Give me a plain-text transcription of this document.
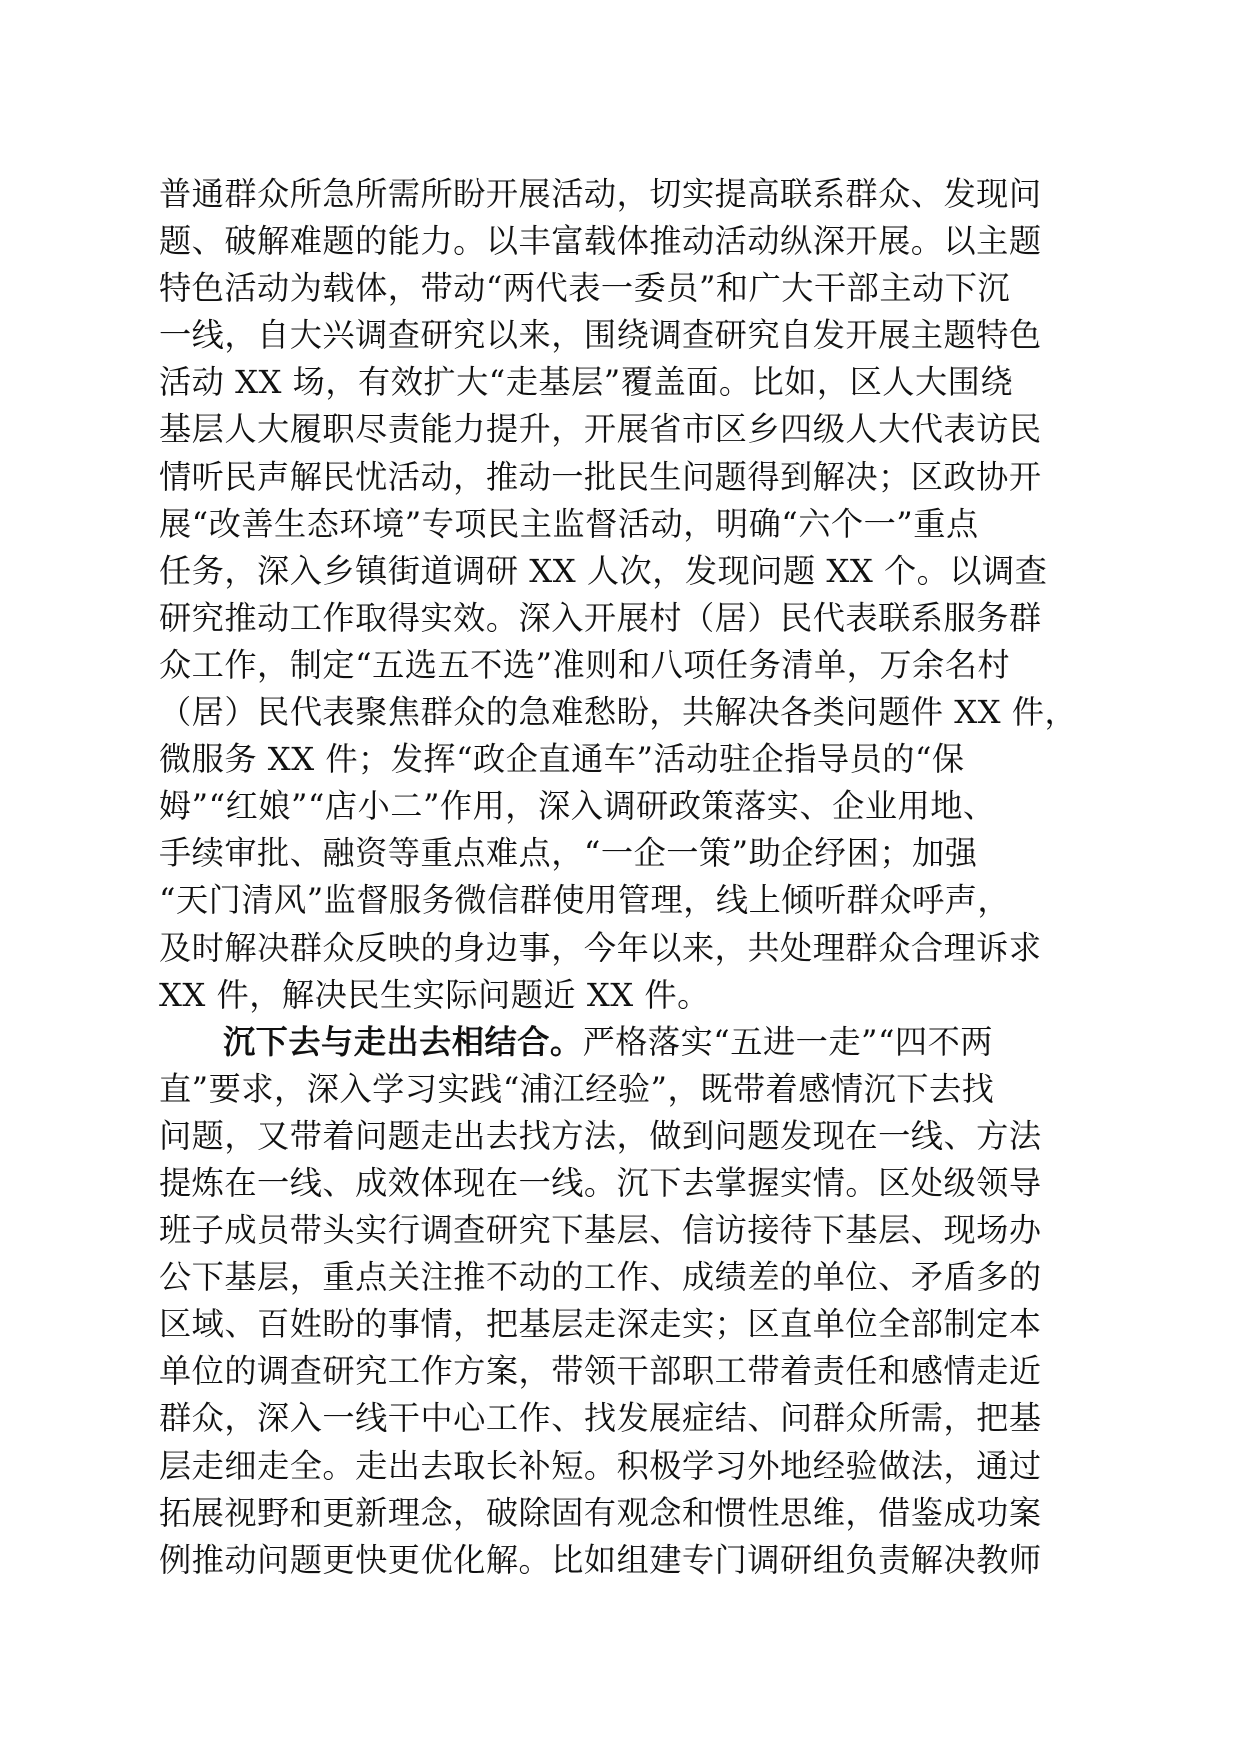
普通群众所急所需所盼开展活动，切实提高联系群众、发现问
题、破解难题的能力。以丰富载体推动活动纵深开展。以主题
特色活动为载体，带动“两代表一委员”和广大干部主动下沉
一线，自大兴调查研究以来，围绕调查研究自发开展主题特色
活动 XX 场，有效扩大“走基层”覆盖面。比如，区人大围绕
基层人大履职尽责能力提升，开展省市区乡四级人大代表访民
情听民声解民忧活动，推动一批民生问题得到解决；区政协开
展“改善生态环境”专项民主监督活动，明确“六个一”重点
任务，深入乡镇街道调研 XX 人次，发现问题 XX 个。以调查
研究推动工作取得实效。深入开展村（居）民代表联系服务群
众工作，制定“五选五不选”准则和八项任务清单，万余名村
（居）民代表聚焦群众的急难愁盼，共解决各类问题件 XX 件，
微服务 XX 件；发挥“政企直通车”活动驻企指导员的“保
姆”“红娘”“店小二”作用，深入调研政策落实、企业用地、
手续审批、融资等重点难点，“一企一策”助企纾困；加强
“天门清风”监督服务微信群使用管理，线上倾听群众呼声，
及时解决群众反映的身边事，今年以来，共处理群众合理诉求
XX 件，解决民生实际问题近 XX 件。
沉下去与走出去相结合。严格落实“五进一走”“四不两
直”要求，深入学习实践“浦江经验”，既带着感情沉下去找
问题，又带着问题走出去找方法，做到问题发现在一线、方法
提炼在一线、成效体现在一线。沉下去掌握实情。区处级领导
班子成员带头实行调查研究下基层、信访接待下基层、现场办
公下基层，重点关注推不动的工作、成绩差的单位、矛盾多的
区域、百姓盼的事情，把基层走深走实；区直单位全部制定本
单位的调查研究工作方案，带领干部职工带着责任和感情走近
群众，深入一线干中心工作、找发展症结、问群众所需，把基
层走细走全。走出去取长补短。积极学习外地经验做法，通过
拓展视野和更新理念，破除固有观念和惯性思维，借鉴成功案
例推动问题更快更优化解。比如组建专门调研组负责解决教师
